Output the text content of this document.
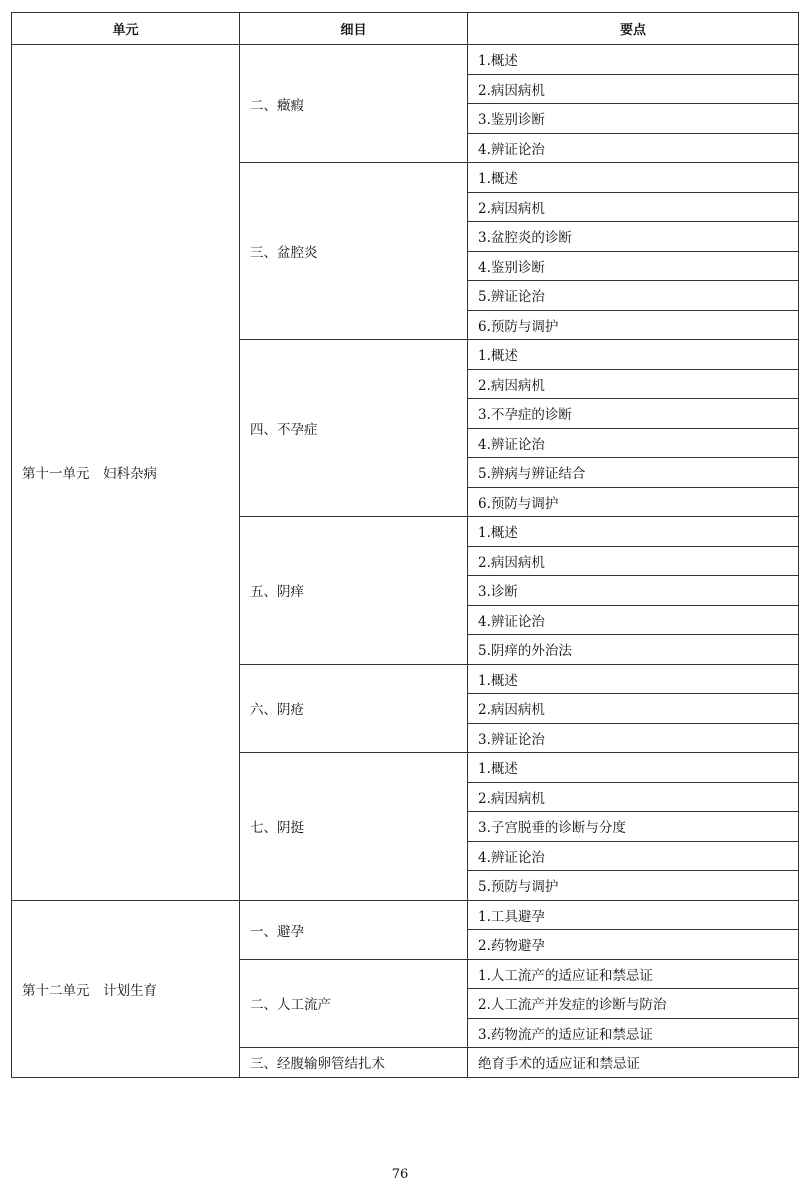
单元	细目	要点
第十一单元　妇科杂病	二、癥瘕	1.概述
		2.病因病机
		3.鉴别诊断
		4.辨证论治
	三、盆腔炎	1.概述
		2.病因病机
		3.盆腔炎的诊断
		4.鉴别诊断
		5.辨证论治
		6.预防与调护
	四、不孕症	1.概述
		2.病因病机
		3.不孕症的诊断
		4.辨证论治
		5.辨病与辨证结合
		6.预防与调护
	五、阴痒	1.概述
		2.病因病机
		3.诊断
		4.辨证论治
		5.阴痒的外治法
	六、阴疮	1.概述
		2.病因病机
		3.辨证论治
	七、阴挺	1.概述
		2.病因病机
		3.子宫脱垂的诊断与分度
		4.辨证论治
		5.预防与调护
第十二单元　计划生育	一、避孕	1.工具避孕
		2.药物避孕
	二、人工流产	1.人工流产的适应证和禁忌证
		2.人工流产并发症的诊断与防治
		3.药物流产的适应证和禁忌证
	三、经腹输卵管结扎术	绝育手术的适应证和禁忌证
76
